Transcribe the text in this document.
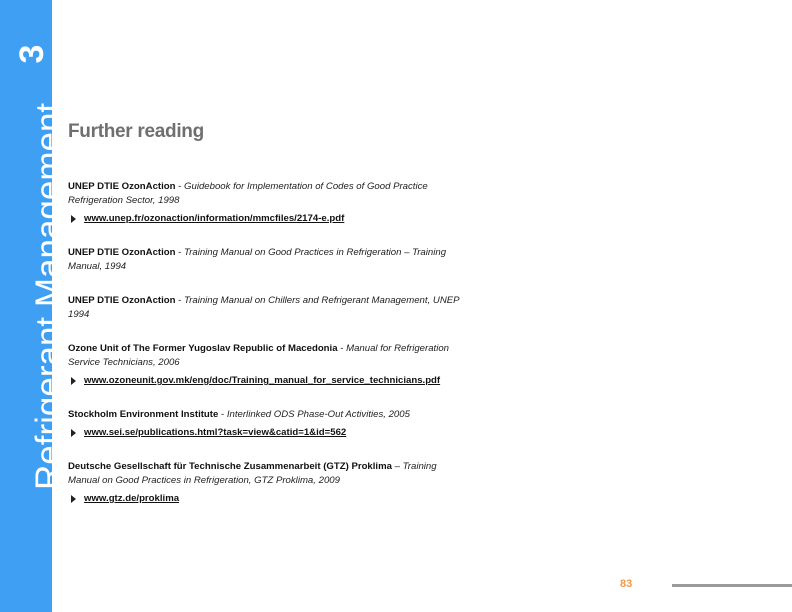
3
Refrigerant Management Further reading
UNEP DTIE OzonAction - Guidebook for Implementation of Codes of Good Practice Refrigeration Sector, 1998
www.unep.fr/ozonaction/information/mmcfiles/2174-e.pdf
UNEP DTIE OzonAction - Training Manual on Good Practices in Refrigeration – Training Manual, 1994
UNEP DTIE OzonAction - Training Manual on Chillers and Refrigerant Management, UNEP 1994
Ozone Unit of The Former Yugoslav Republic of Macedonia - Manual for Refrigeration Service Technicians, 2006
www.ozoneunit.gov.mk/eng/doc/Training_manual_for_service_technicians.pdf
Stockholm Environment Institute - Interlinked ODS Phase-Out Activities, 2005
www.sei.se/publications.html?task=view&catid=1&id=562
Deutsche Gesellschaft für Technische Zusammenarbeit (GTZ) Proklima – Training Manual on Good Practices in Refrigeration, GTZ Proklima, 2009
www.gtz.de/proklima
83
